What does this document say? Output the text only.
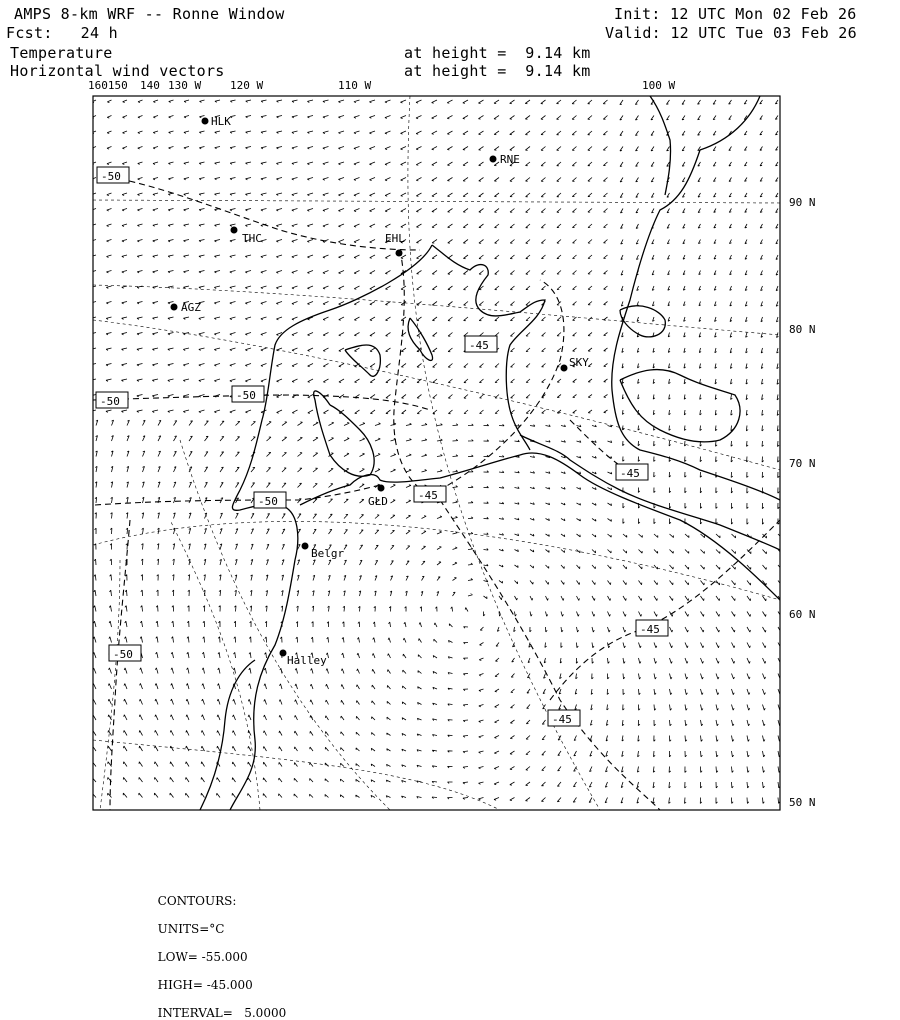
AMPS 8-km WRF -- Ronne Window	Init: 12 UTC Mon 02 Feb 26
Fcst:   24 h	Valid: 12 UTC Tue 03 Feb 26
Temperature	at height =  9.14 km
Horizontal wind vectors	at height =  9.14 km
160150 140 130 W	120 W	110 W	100 W
90 N
80 N
70 N
60 N
50 N
HLK
RNE
THC	EHL
AGZ
SKY
GLD
Belgr
Halley
-50
-45
-50	-50
-45
-45
-50
-45
-50
-45

CONTOURS:

UNITS=°C

LOW= -55.000

HIGH= -45.000

INTERVAL=   5.0000
